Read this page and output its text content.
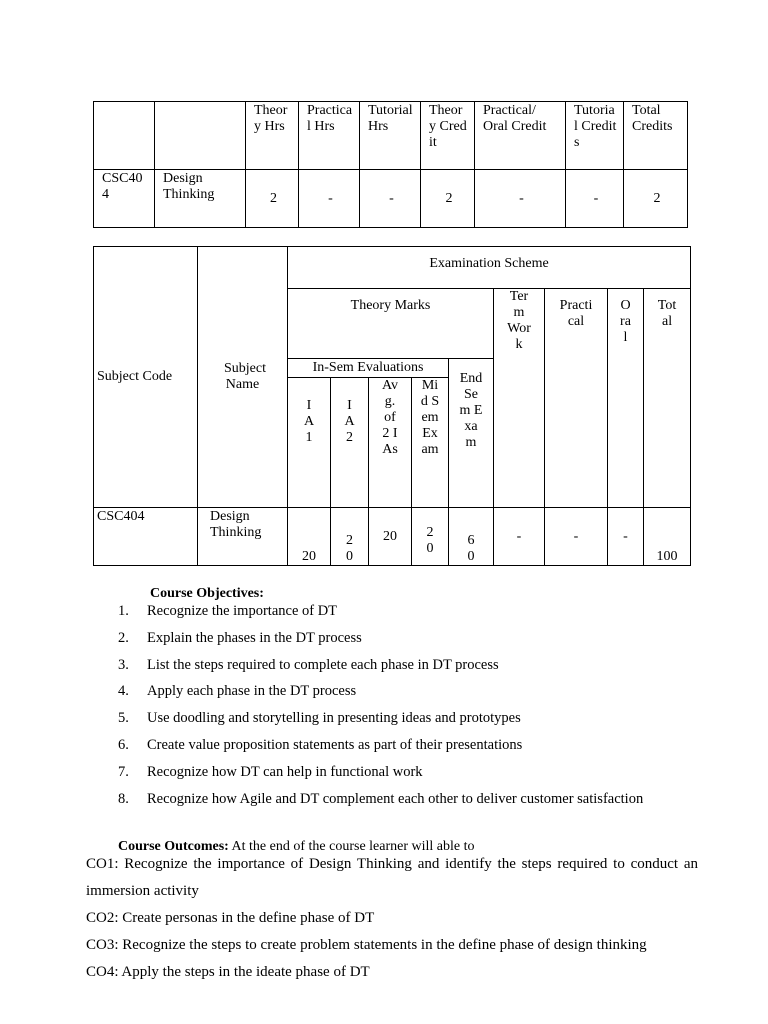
		Theory Hrs	Practical Hrs	Tutorial Hrs	Theory Credit	Practical/ Oral Credit	Tutorial Credits	Total Credits
CSC404	Design Thinking	2	-	-	2	-	-	2
Subject Code	Subject Name	Examination Scheme								
		Theory Marks					Term Work	Practical	Oral	Total
		In-Sem Evaluations				End Sem Exam				
		IA1	IA2	Avg. of 2 IAs	Mid Sem Exam					
CSC404	Design Thinking	20	20	20	20	60	-	-	-	100
Course Objectives:
1. Recognize the importance of DT
2. Explain the phases in the DT process
3. List the steps required to complete each phase in DT process
4. Apply each phase in the DT process
5. Use doodling and storytelling in presenting ideas and prototypes
6. Create value proposition statements as part of their presentations
7. Recognize how DT can help in functional work
8. Recognize how Agile and DT complement each other to deliver customer satisfaction
Course Outcomes: At the end of the course learner will able to
CO1: Recognize the importance of Design Thinking and identify the steps required to conduct an
immersion activity
CO2: Create personas in the define phase of DT
CO3: Recognize the steps to create problem statements in the define phase of design thinking
CO4: Apply the steps in the ideate phase of DT
